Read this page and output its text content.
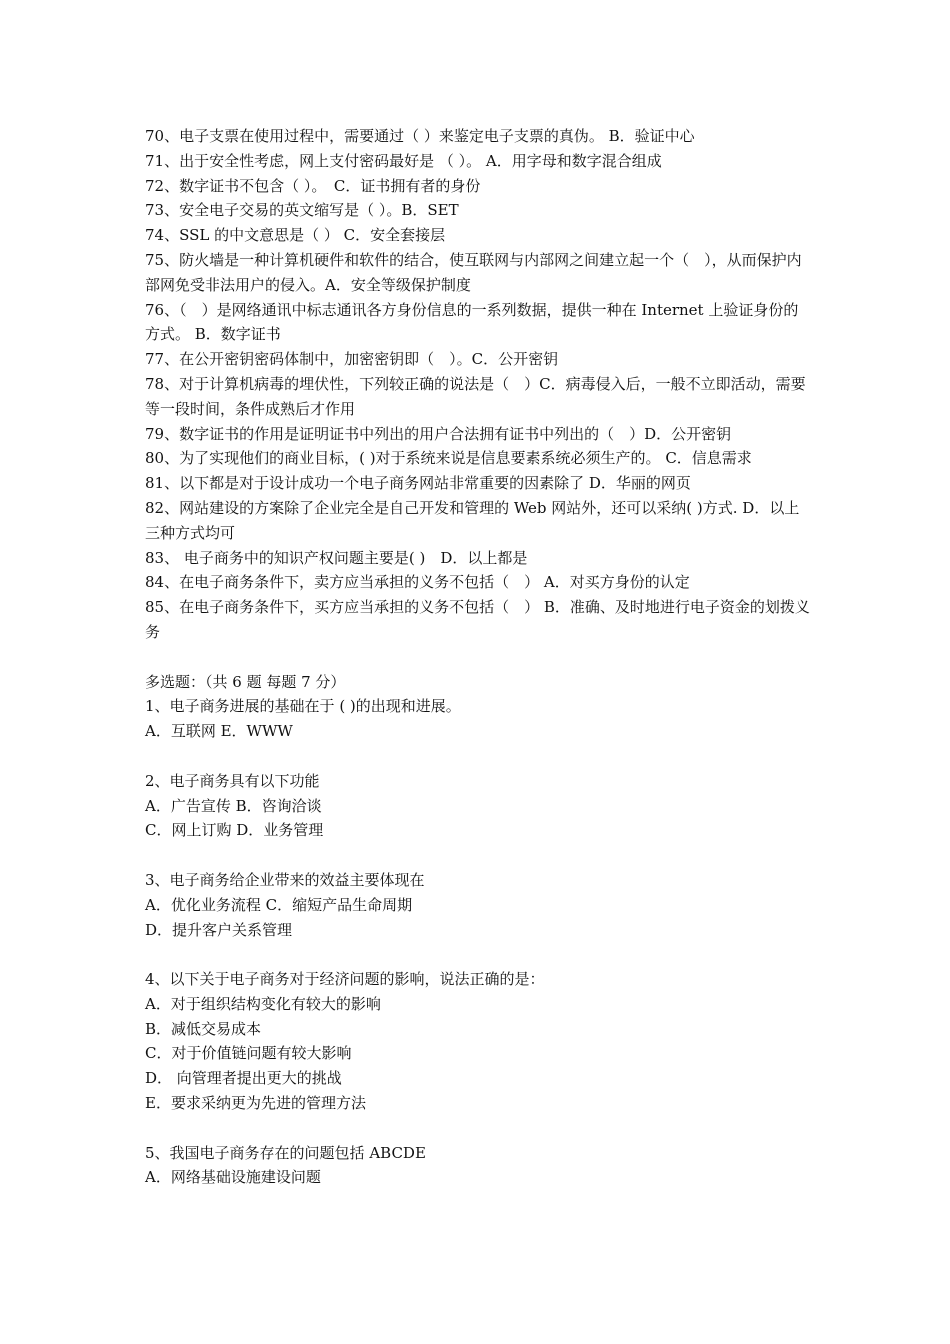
70、电子支票在使用过程中，需要通过（ ）来鉴定电子支票的真伪。 B．验证中心
71、出于安全性考虑，网上支付密码最好是 （ ）。 A．用字母和数字混合组成
72、数字证书不包含（ ）。　C．证书拥有者的身份
73、安全电子交易的英文缩写是（ ）。B．SET
74、SSL 的中文意思是（ ） C．安全套接层
75、防火墙是一种计算机硬件和软件的结合，使互联网与内部网之间建立起一个（　），从而保护内部网免受非法用户的侵入。A．安全等级保护制度
76、（　）是网络通讯中标志通讯各方身份信息的一系列数据，提供一种在 Internet 上验证身份的方式。 B．数字证书
77、在公开密钥密码体制中，加密密钥即（　）。C．公开密钥
78、对于计算机病毒的埋伏性，下列较正确的说法是（　）C．病毒侵入后，一般不立即活动，需要等一段时间，条件成熟后才作用
79、数字证书的作用是证明证书中列出的用户合法拥有证书中列出的（　）D．公开密钥
80、为了实现他们的商业目标，( )对于系统来说是信息要素系统必须生产的。 C．信息需求
81、以下都是对于设计成功一个电子商务网站非常重要的因素除了 D．华丽的网页
82、网站建设的方案除了企业完全是自己开发和管理的 Web 网站外，还可以采纳( )方式. D．以上三种方式均可
83、 电子商务中的知识产权问题主要是( )　D．以上都是
84、在电子商务条件下，卖方应当承担的义务不包括（　） A．对买方身份的认定
85、在电子商务条件下，买方应当承担的义务不包括（　） B．准确、及时地进行电子资金的划拨义务
多选题：（共 6 题 每题 7 分）
1、电子商务进展的基础在于 ( )的出现和进展。
A．互联网 E．WWW
2、电子商务具有以下功能
A．广告宣传 B．咨询洽谈
C．网上订购 D．业务管理
3、电子商务给企业带来的效益主要体现在
A．优化业务流程 C．缩短产品生命周期
D．提升客户关系管理
4、以下关于电子商务对于经济问题的影响，说法正确的是：
A．对于组织结构变化有较大的影响
B．减低交易成本
C．对于价值链问题有较大影响
D． 向管理者提出更大的挑战
E．要求采纳更为先进的管理方法
5、我国电子商务存在的问题包括 ABCDE
A．网络基础设施建设问题
